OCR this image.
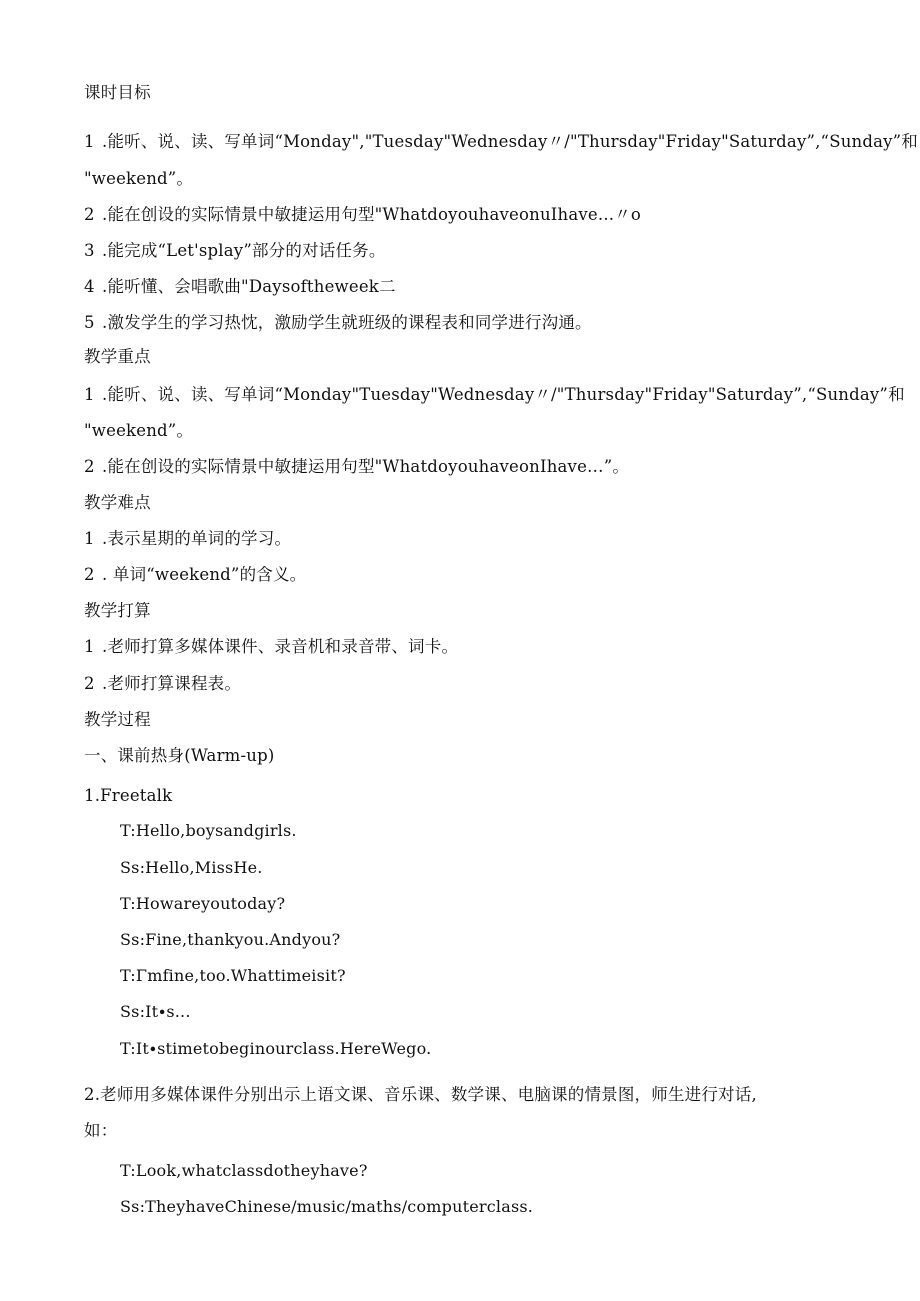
课时目标
1 .能听、说、读、写单词“Monday","Tuesday"Wednesday〃/"Thursday"Friday"Saturday”,“Sunday”和
"weekend”。
2 .能在创设的实际情景中敏捷运用句型"WhatdoyouhaveonuIhave...〃o
3 .能完成“Let'splay”部分的对话任务。
4 .能听懂、会唱歌曲"Daysoftheweek二
5 .激发学生的学习热忱，激励学生就班级的课程表和同学进行沟通。
教学重点
1 .能听、说、读、写单词“Monday"Tuesday"Wednesday〃/"Thursday"Friday"Saturday”,“Sunday”和
"weekend”。
2 .能在创设的实际情景中敏捷运用句型"WhatdoyouhaveonIhave…”。
教学难点
1 .表示星期的单词的学习。
2 . 单词“weekend”的含义。
教学打算
1 .老师打算多媒体课件、录音机和录音带、词卡。
2 .老师打算课程表。
教学过程
一、课前热身(Warm-up)
1.Freetalk
T:Hello,boysandgirls.
Ss:Hello,MissHe.
T:Howareyoutoday?
Ss:Fine,thankyou.Andyou?
T:Γmfine,too.Whattimeisit?
Ss:It∙s...
T:It∙stimetobeginourclass.HereWego.
2.老师用多媒体课件分别出示上语文课、音乐课、数学课、电脑课的情景图，师生进行对话,
如：
T:Look,whatclassdotheyhave?
Ss:TheyhaveChinese/music/maths/computerclass.
